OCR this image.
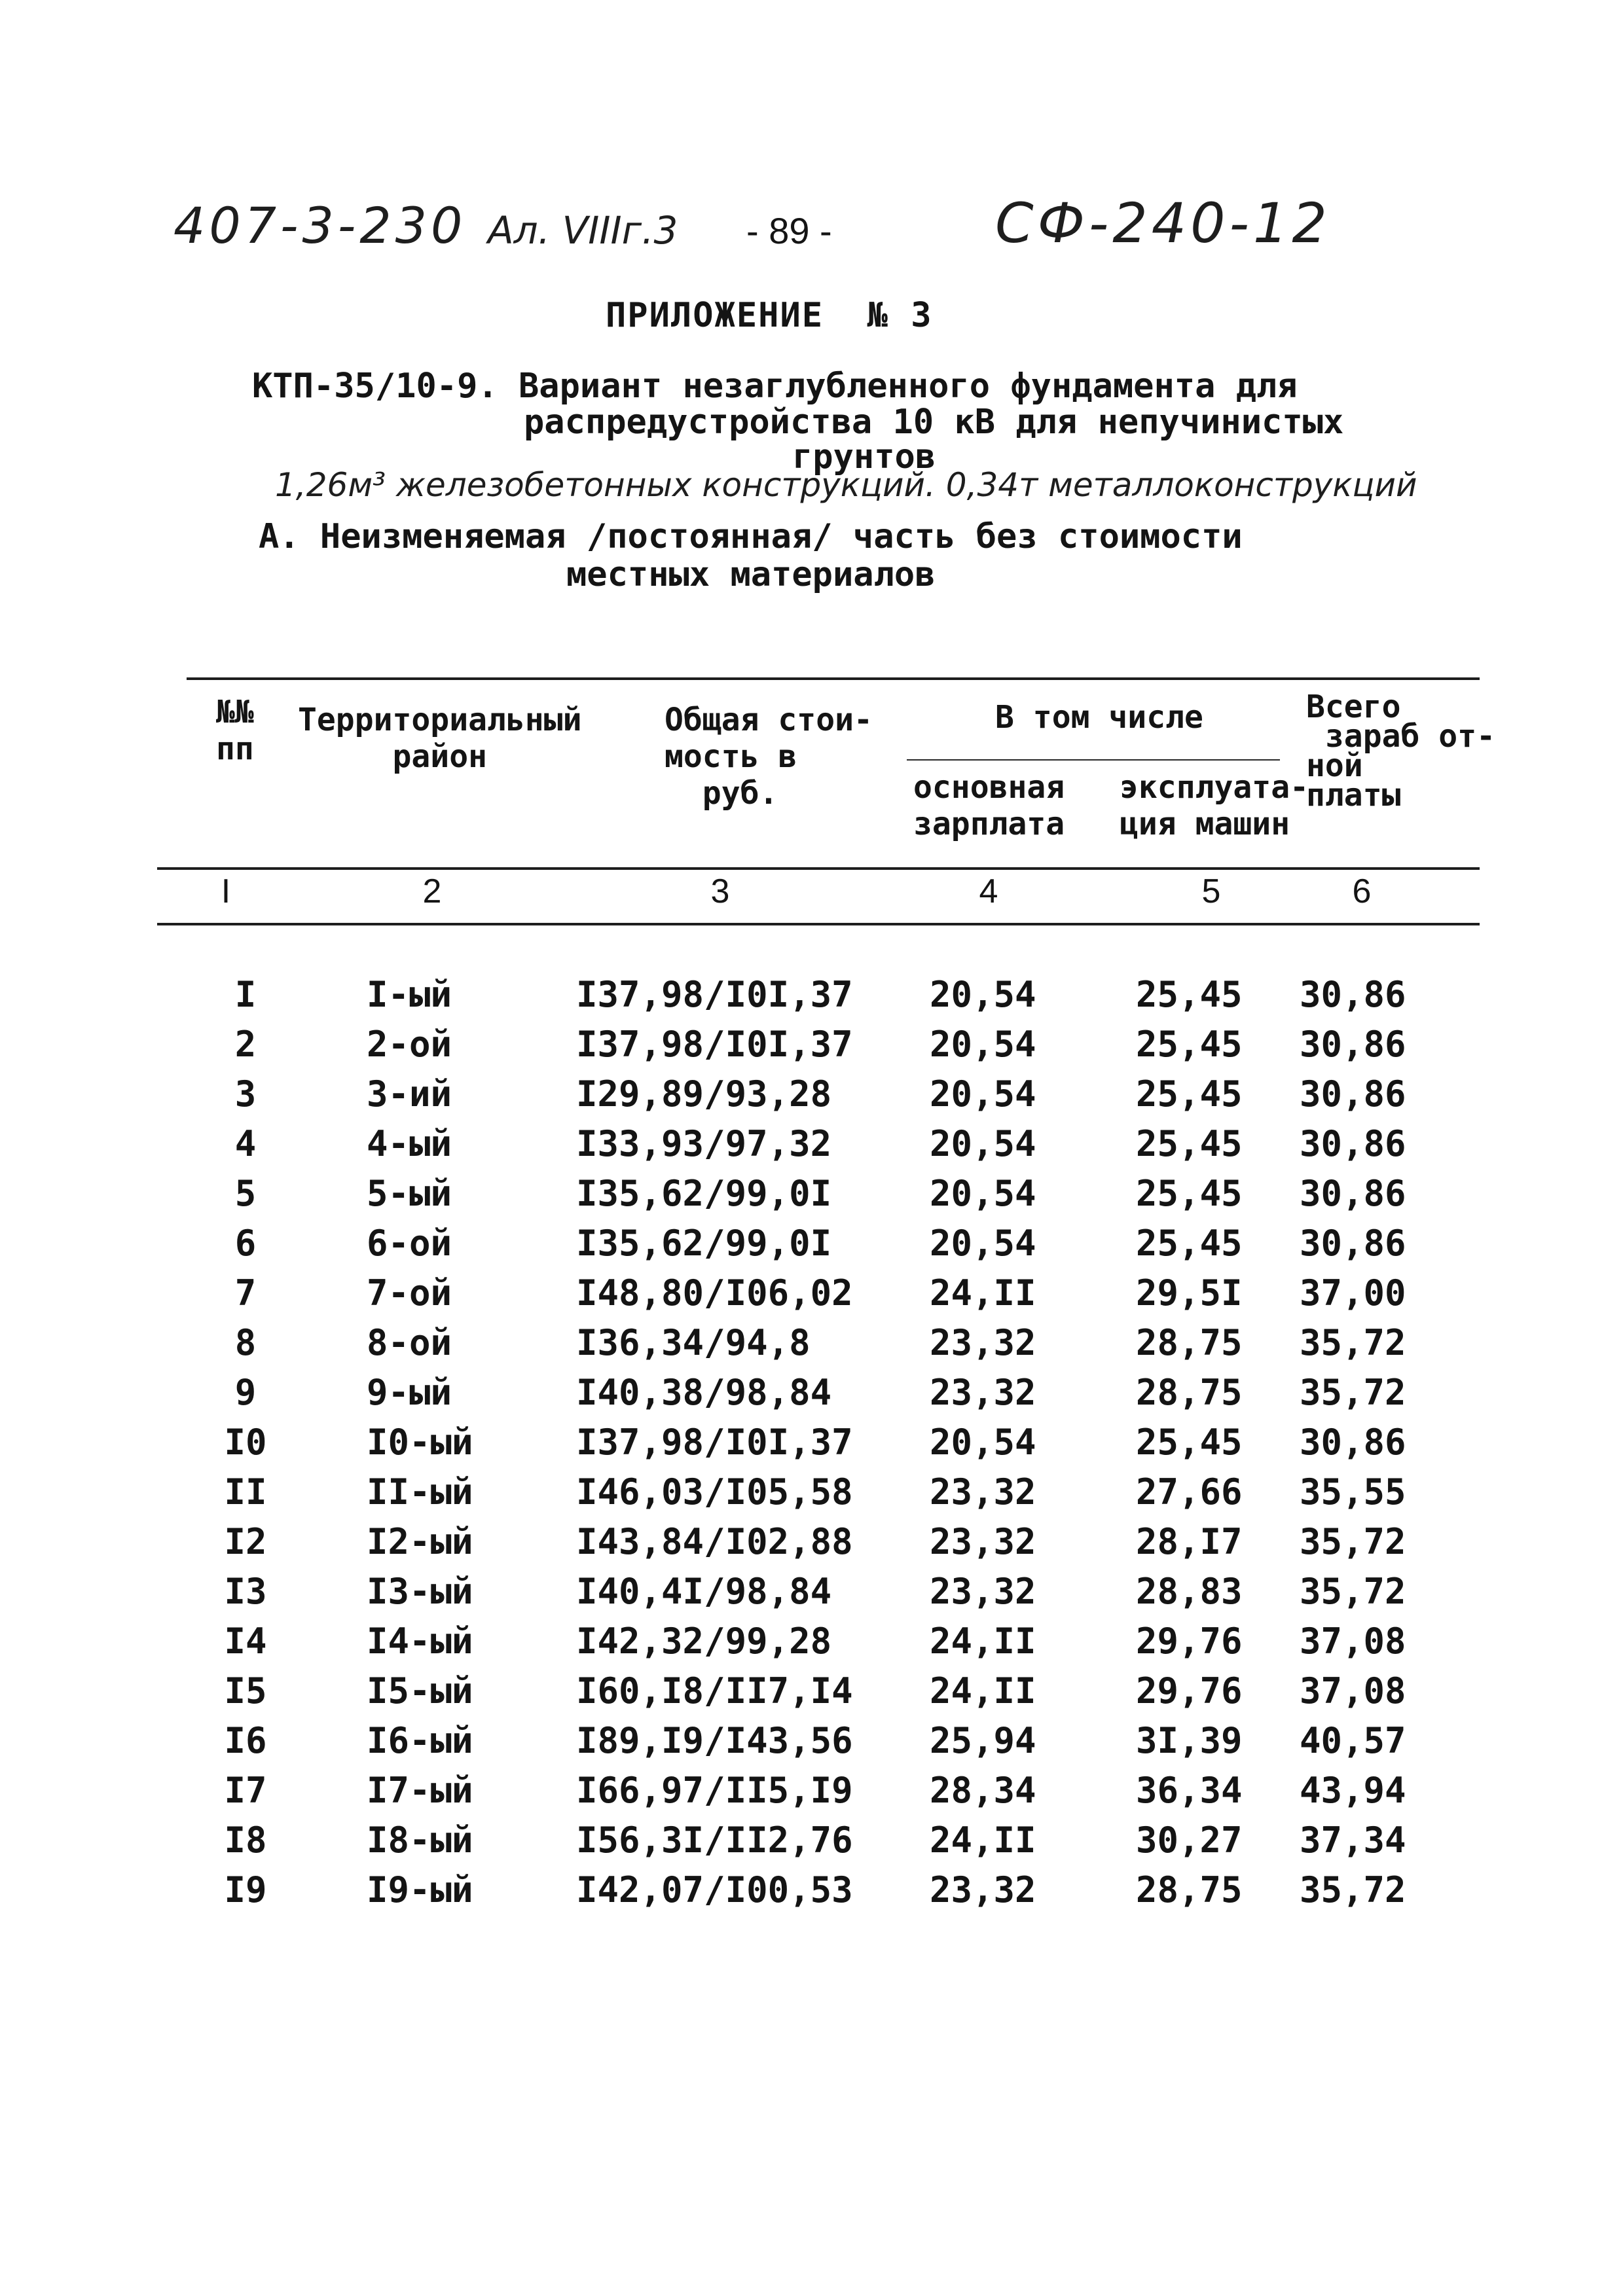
407-3-230 Ал. VIIIг.3 - 89 -	СФ-240-12
ПРИЛОЖЕНИЕ  № 3
КТП-35/10-9. Вариант незаглубленного фундамента для
распредустройства 10 кВ для непучинистых
грунтов
1,26м³ железобетонных конструкций. 0,34т металлоконструкций
А. Неизменяемая /постоянная/ часть без стоимости
местных материалов
№№
пп
Территориальный
район
Общая стои-
мость в
руб.
В том числе
основная
зарплата
эксплуата-
ция машин
Всего
зараб от-
ной
платы
I	2	3	4	5	6
I	I-ый	I37,98/I0I,37 20,54	25,45 30,86
2	2-ой	I37,98/I0I,37 20,54	25,45 30,86
3	3-ий	I29,89/93,28	20,54	25,45 30,86
4	4-ый	I33,93/97,32	20,54	25,45 30,86
5	5-ый	I35,62/99,0I	20,54	25,45 30,86
6	6-ой	I35,62/99,0I	20,54	25,45 30,86
7	7-ой	I48,80/I06,02 24,II	29,5I 37,00
8	8-ой	I36,34/94,8	23,32	28,75 35,72
9	9-ый	I40,38/98,84	23,32	28,75 35,72
I0	I0-ый	I37,98/I0I,37 20,54	25,45 30,86
II	II-ый	I46,03/I05,58 23,32	27,66 35,55
I2	I2-ый	I43,84/I02,88 23,32	28,I7 35,72
I3	I3-ый	I40,4I/98,84	23,32	28,83 35,72
I4	I4-ый	I42,32/99,28	24,II	29,76 37,08
I5	I5-ый	I60,I8/II7,I4 24,II	29,76 37,08
I6	I6-ый	I89,I9/I43,56 25,94	3I,39 40,57
I7	I7-ый	I66,97/II5,I9 28,34	36,34 43,94
I8	I8-ый	I56,3I/II2,76 24,II	30,27 37,34
I9	I9-ый	I42,07/I00,53 23,32	28,75 35,72
